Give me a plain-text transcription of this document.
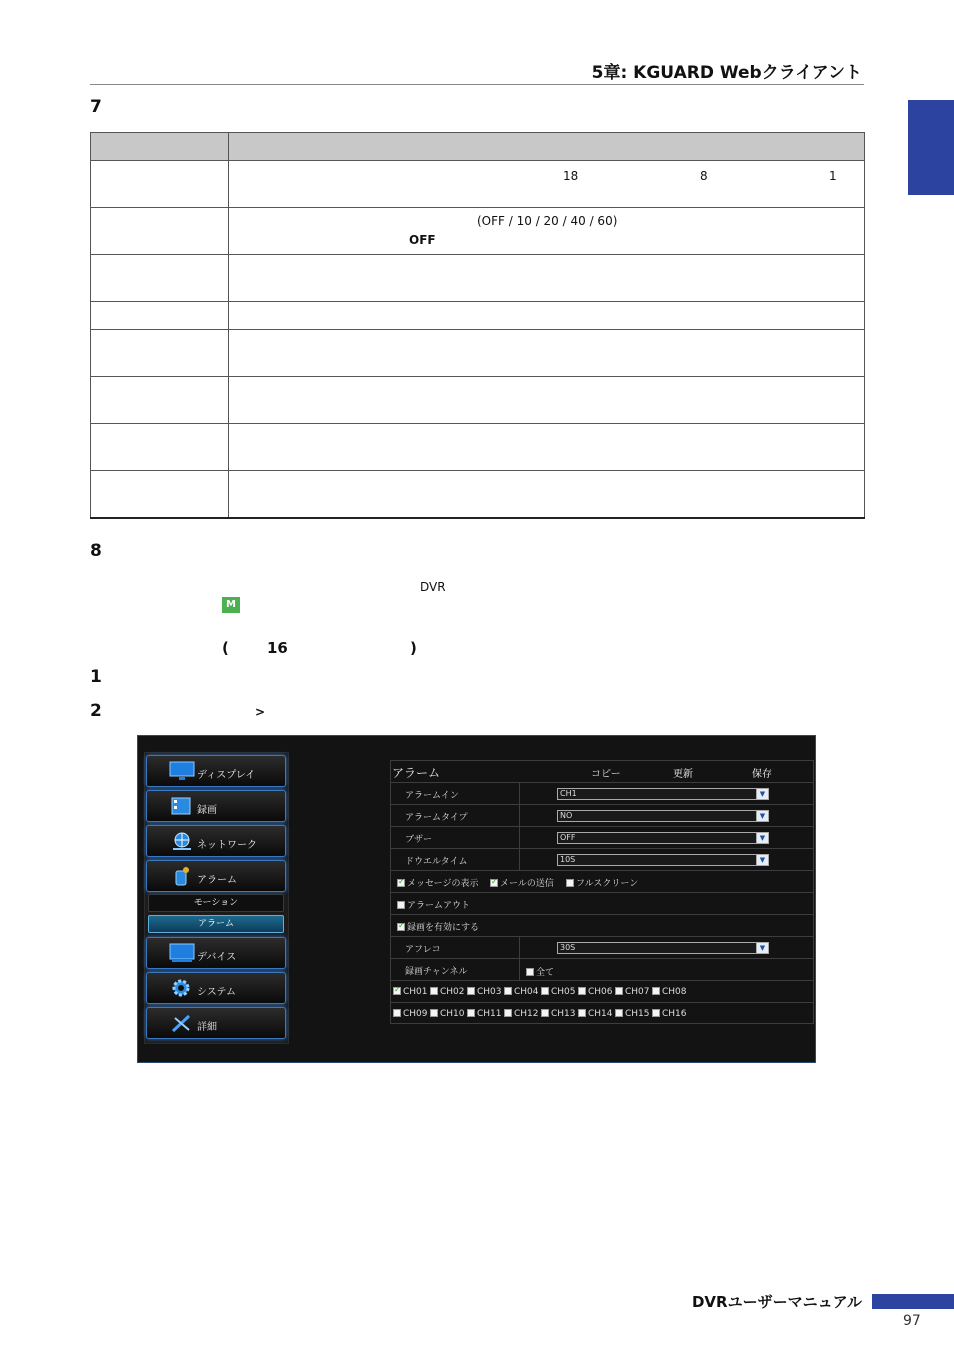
5章: KGUARD Webクライアント
7

	18 8 1

	(OFF / 10 / 20 / 40 / 60)
OFF

8
DVR
M
(	16	)
1
2	>
ディスプレイ
録画
ネットワーク
アラーム
モーション
アラーム
デバイス
システム
詳細
アラーム	コピー	更新	保存
アラームイン	CH1	▼
アラームタイプ	NO	▼
ブザー	OFF	▼
ドウエルタイム	10S	▼
✓メッセージの表示 ✓	メールの送信	フルスクリーン
アラームアウト
✓録画を有効にする
アフレコ	30S	▼
録画チャンネル	全て
✓CH01	CH02	CH03	CH04	CH05	CH06	CH07	CH08
CH09	CH10	CH11	CH12	CH13	CH14	CH15	CH16
DVRユーザーマニュアル
97
